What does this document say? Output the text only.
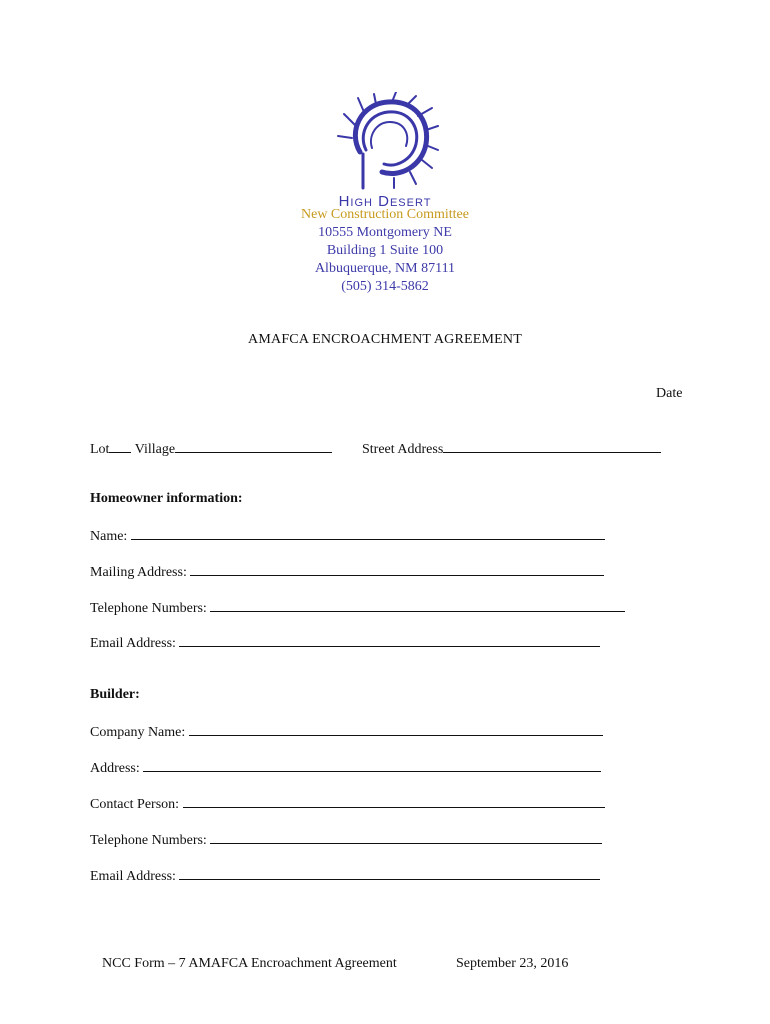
High Desert
New Construction Committee
10555 Montgomery NE
Building 1 Suite 100
Albuquerque, NM 87111
(505) 314-5862
AMAFCA ENCROACHMENT AGREEMENT
Date
Lot Village	Street Address
Homeowner information:
Name:
Mailing Address:
Telephone Numbers:
Email Address:
Builder:
Company Name:
Address:
Contact Person:
Telephone Numbers:
Email Address:
NCC Form – 7 AMAFCA Encroachment Agreement	September 23, 2016
